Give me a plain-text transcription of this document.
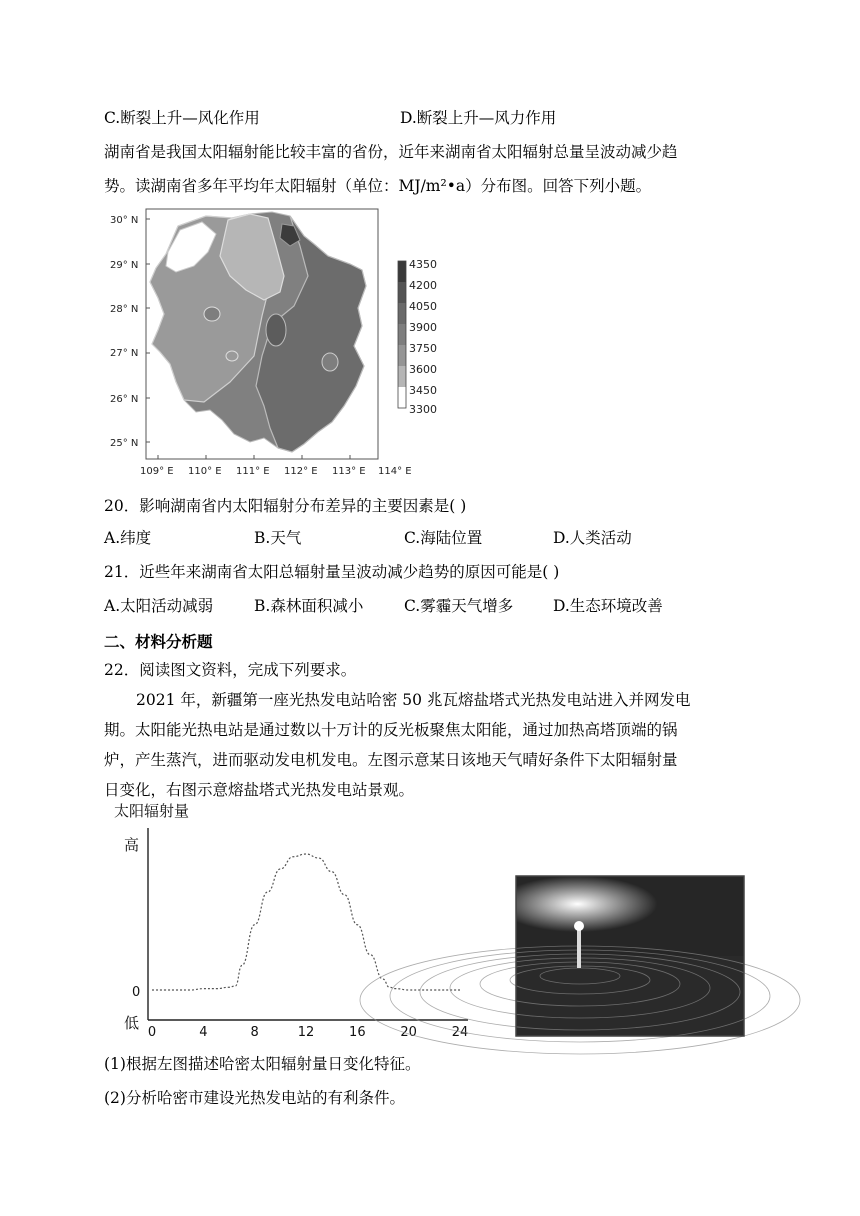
C.断裂上升—风化作用	D.断裂上升—风力作用
湖南省是我国太阳辐射能比较丰富的省份，近年来湖南省太阳辐射总量呈波动减少趋
势。读湖南省多年平均年太阳辐射（单位：MJ/m²•a）分布图。回答下列小题。
30° N
29° N
28° N
27° N
26° N
25° N
109° E 110° E 111° E 112° E 113° E 114° E
4350
4200
4050
3900
3750
3600
3450
3300
20．影响湖南省内太阳辐射分布差异的主要因素是( )
A.纬度	B.天气	C.海陆位置	D.人类活动
21．近些年来湖南省太阳总辐射量呈波动减少趋势的原因可能是( )
A.太阳活动减弱	B.森林面积减小	C.雾霾天气增多	D.生态环境改善
二、材料分析题
22．阅读图文资料，完成下列要求。
2021 年，新疆第一座光热发电站哈密 50 兆瓦熔盐塔式光热发电站进入并网发电
期。太阳能光热电站是通过数以十万计的反光板聚焦太阳能，通过加热高塔顶端的锅
炉，产生蒸汽，进而驱动发电机发电。左图示意某日该地天气晴好条件下太阳辐射量
日变化，右图示意熔盐塔式光热发电站景观。
太阳辐射量
高
0
低
0	4	8	12	16	20	24
(1)根据左图描述哈密太阳辐射量日变化特征。
(2)分析哈密市建设光热发电站的有利条件。
